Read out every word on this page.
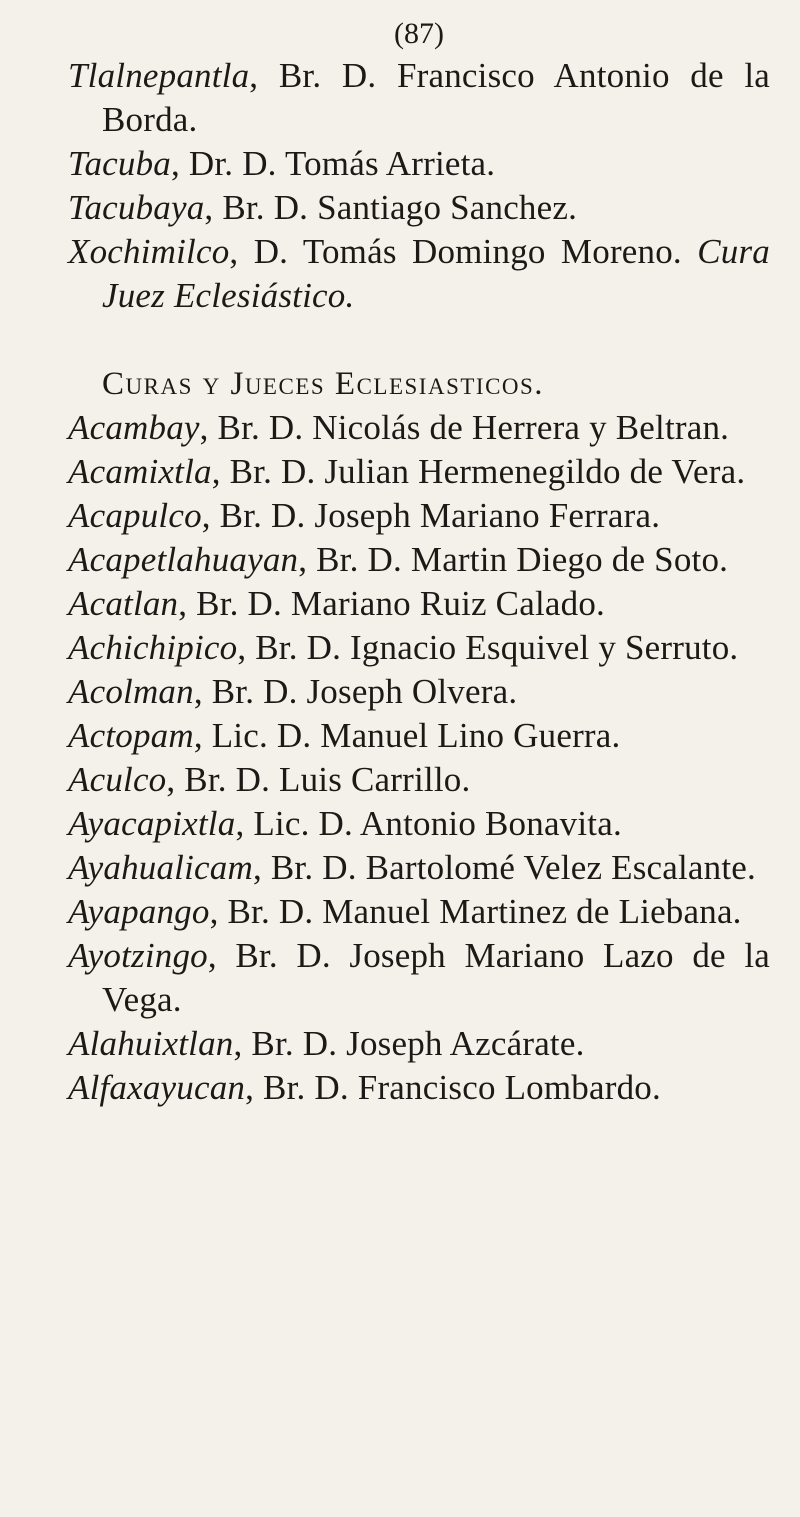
(87)

Tlalnepantla, Br. D. Francisco Antonio de la Borda.

Tacuba, Dr. D. Tomás Arrieta.

Tacubaya, Br. D. Santiago Sanchez.

Xochimilco, D. Tomás Domingo Moreno. Cura Juez Eclesiástico.

Curas y Jueces Eclesiasticos.

Acambay, Br. D. Nicolás de Herrera y Beltran.

Acamixtla, Br. D. Julian Hermenegildo de Vera.

Acapulco, Br. D. Joseph Mariano Ferrara.

Acapetlahuayan, Br. D. Martin Diego de Soto.

Acatlan, Br. D. Mariano Ruiz Calado.

Achichipico, Br. D. Ignacio Esquivel y Serruto.

Acolman, Br. D. Joseph Olvera.

Actopam, Lic. D. Manuel Lino Guerra.

Aculco, Br. D. Luis Carrillo.

Ayacapixtla, Lic. D. Antonio Bonavita.

Ayahualicam, Br. D. Bartolomé Velez Escalante.

Ayapango, Br. D. Manuel Martinez de Liebana.

Ayotzingo, Br. D. Joseph Mariano Lazo de la Vega.

Alahuixtlan, Br. D. Joseph Azcárate.

Alfaxayucan, Br. D. Francisco Lombardo.
